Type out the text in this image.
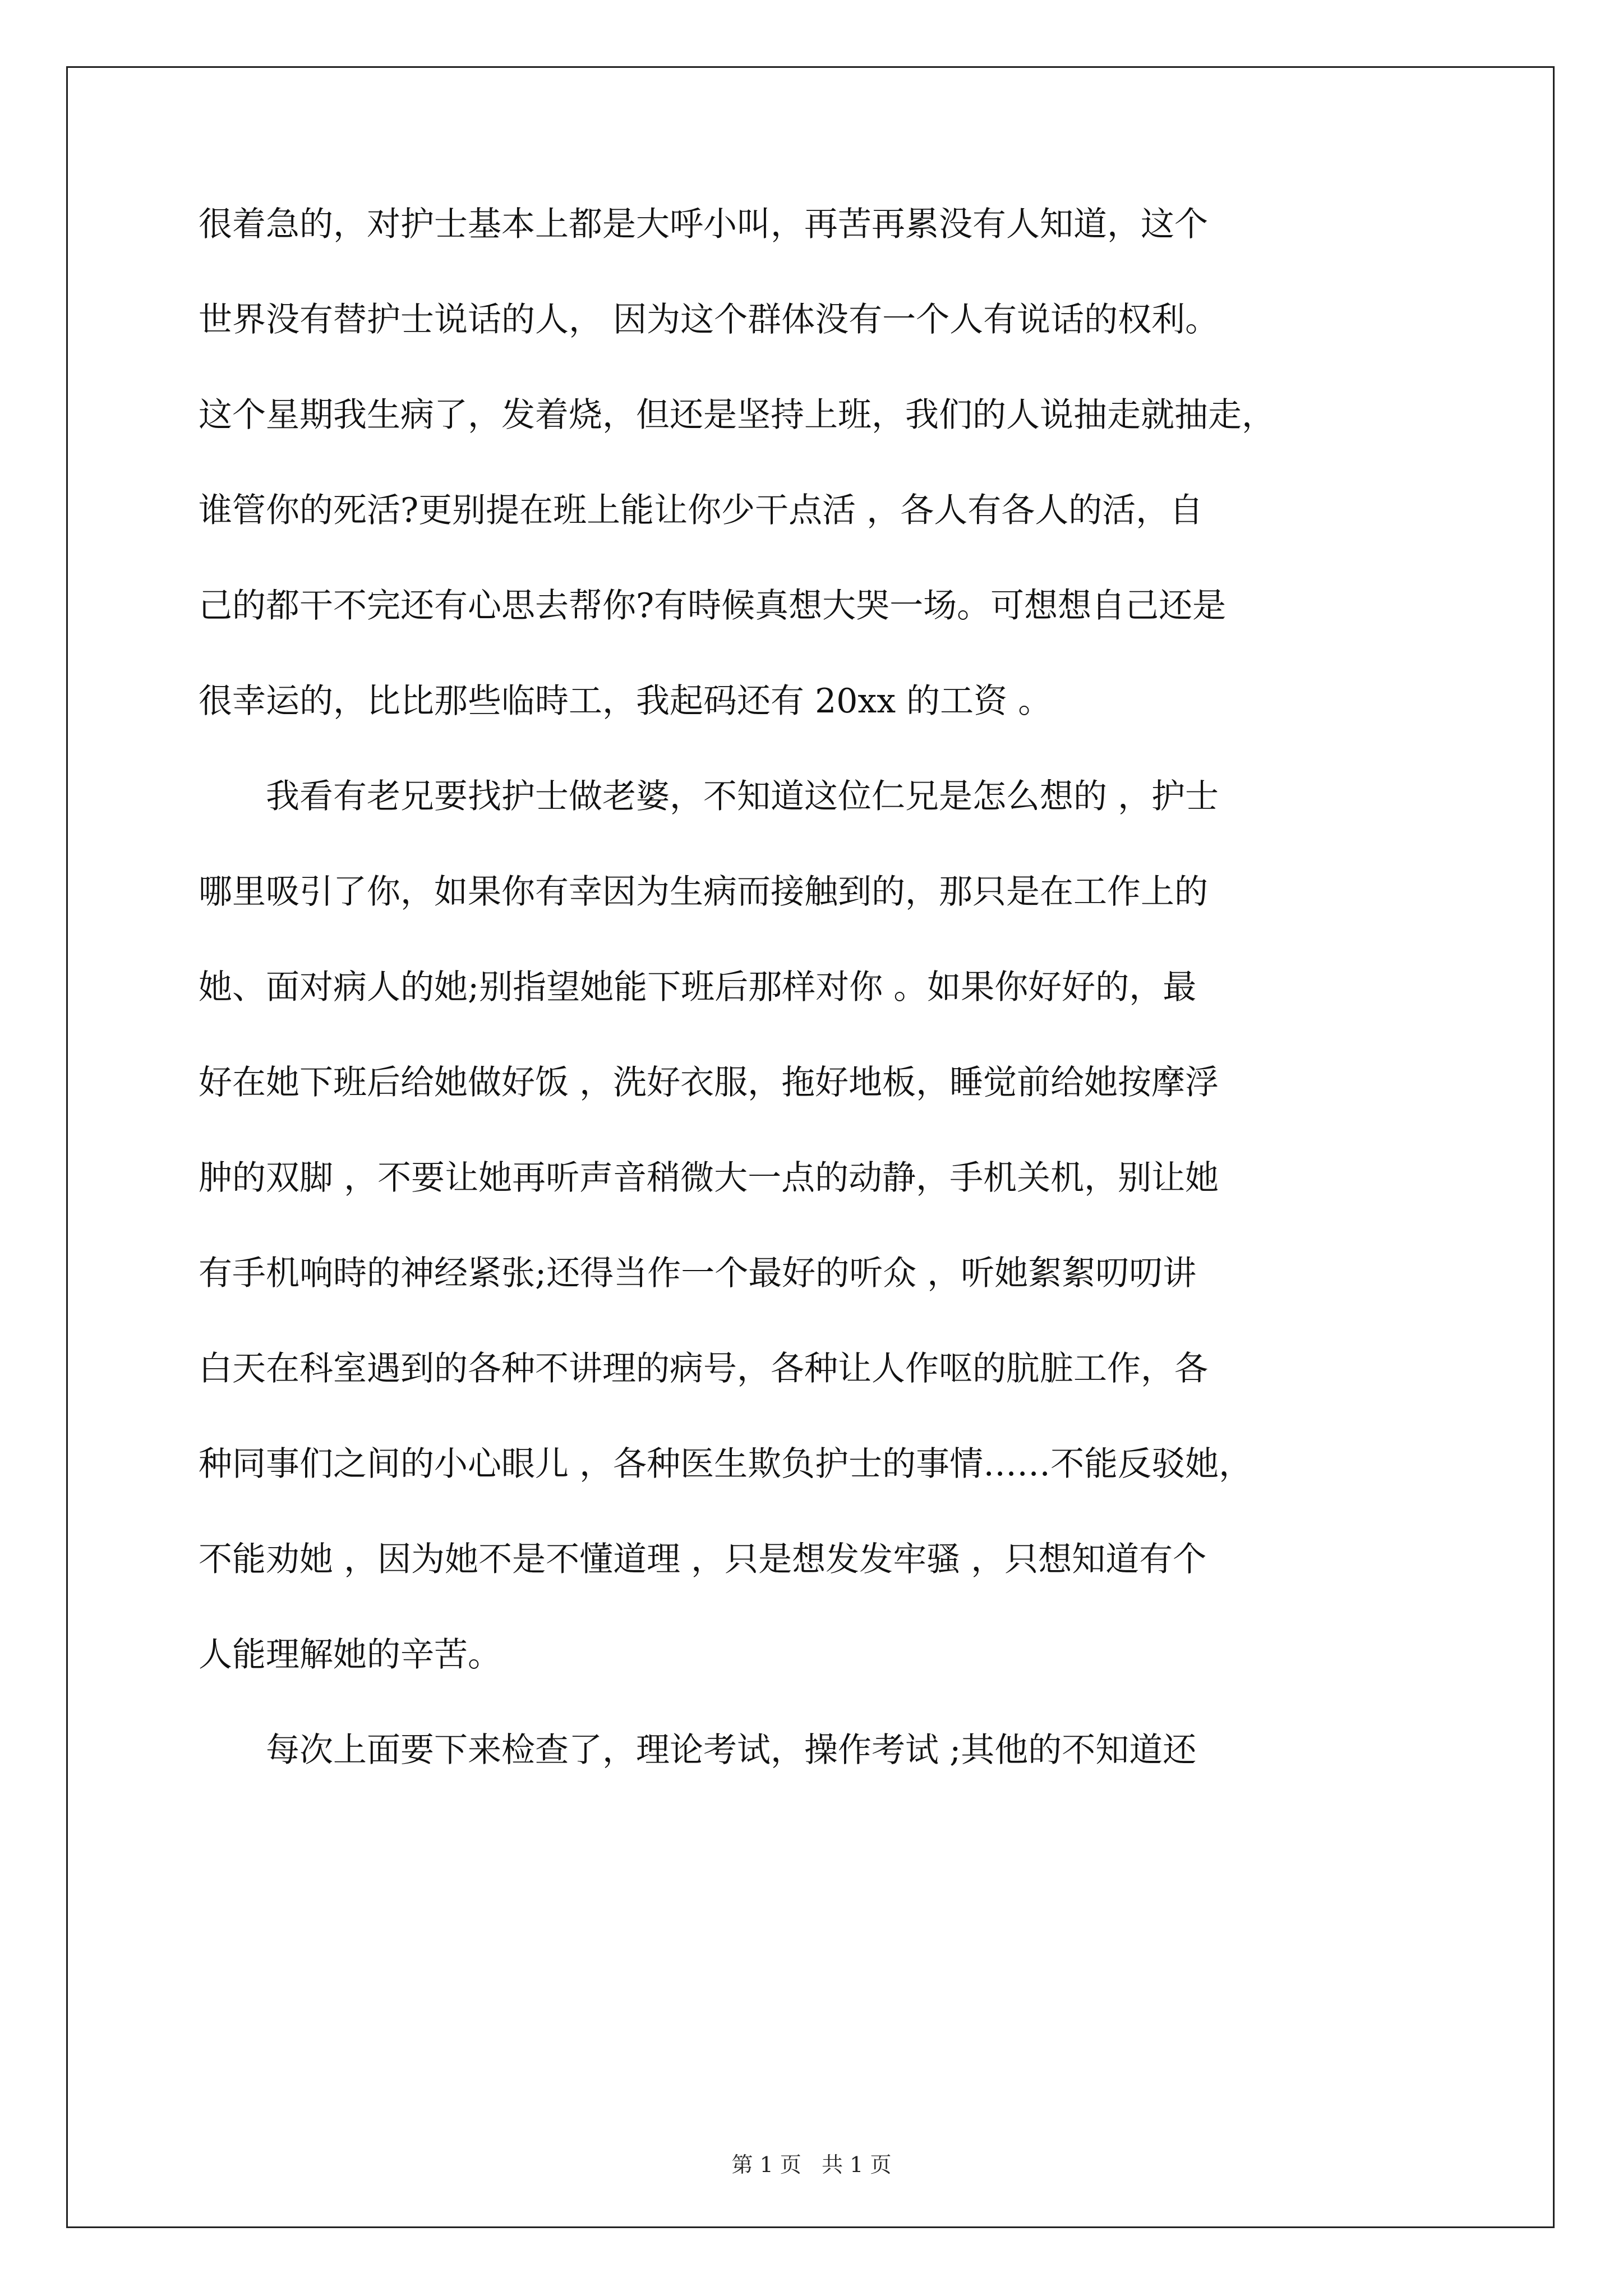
很着急的，对护士基本上都是大呼小叫，再苦再累没有人知道，这个
世界没有替护士说话的人， 因为这个群体没有一个人有说话的权利。
这个星期我生病了，发着烧，但还是坚持上班，我们的人说抽走就抽走，
谁管你的死活?更别提在班上能让你少干点活 ，各人有各人的活，自
己的都干不完还有心思去帮你?有時候真想大哭一场。可想想自己还是
很幸运的，比比那些临時工，我起码还有 20xx 的工资 。
我看有老兄要找护士做老婆，不知道这位仁兄是怎么想的 ，护士
哪里吸引了你，如果你有幸因为生病而接触到的，那只是在工作上的
她、面对病人的她;别指望她能下班后那样对你 。如果你好好的，最
好在她下班后给她做好饭 ，洗好衣服，拖好地板，睡觉前给她按摩浮
肿的双脚 ，不要让她再听声音稍微大一点的动静，手机关机，别让她
有手机响時的神经紧张;还得当作一个最好的听众 ，听她絮絮叨叨讲
白天在科室遇到的各种不讲理的病号，各种让人作呕的肮脏工作，各
种同事们之间的小心眼儿 ，各种医生欺负护士的事情……不能反驳她，
不能劝她 ，因为她不是不懂道理 ，只是想发发牢骚 ，只想知道有个
人能理解她的辛苦。
每次上面要下来检查了，理论考试，操作考试 ;其他的不知道还
第 1 页   共 1 页
